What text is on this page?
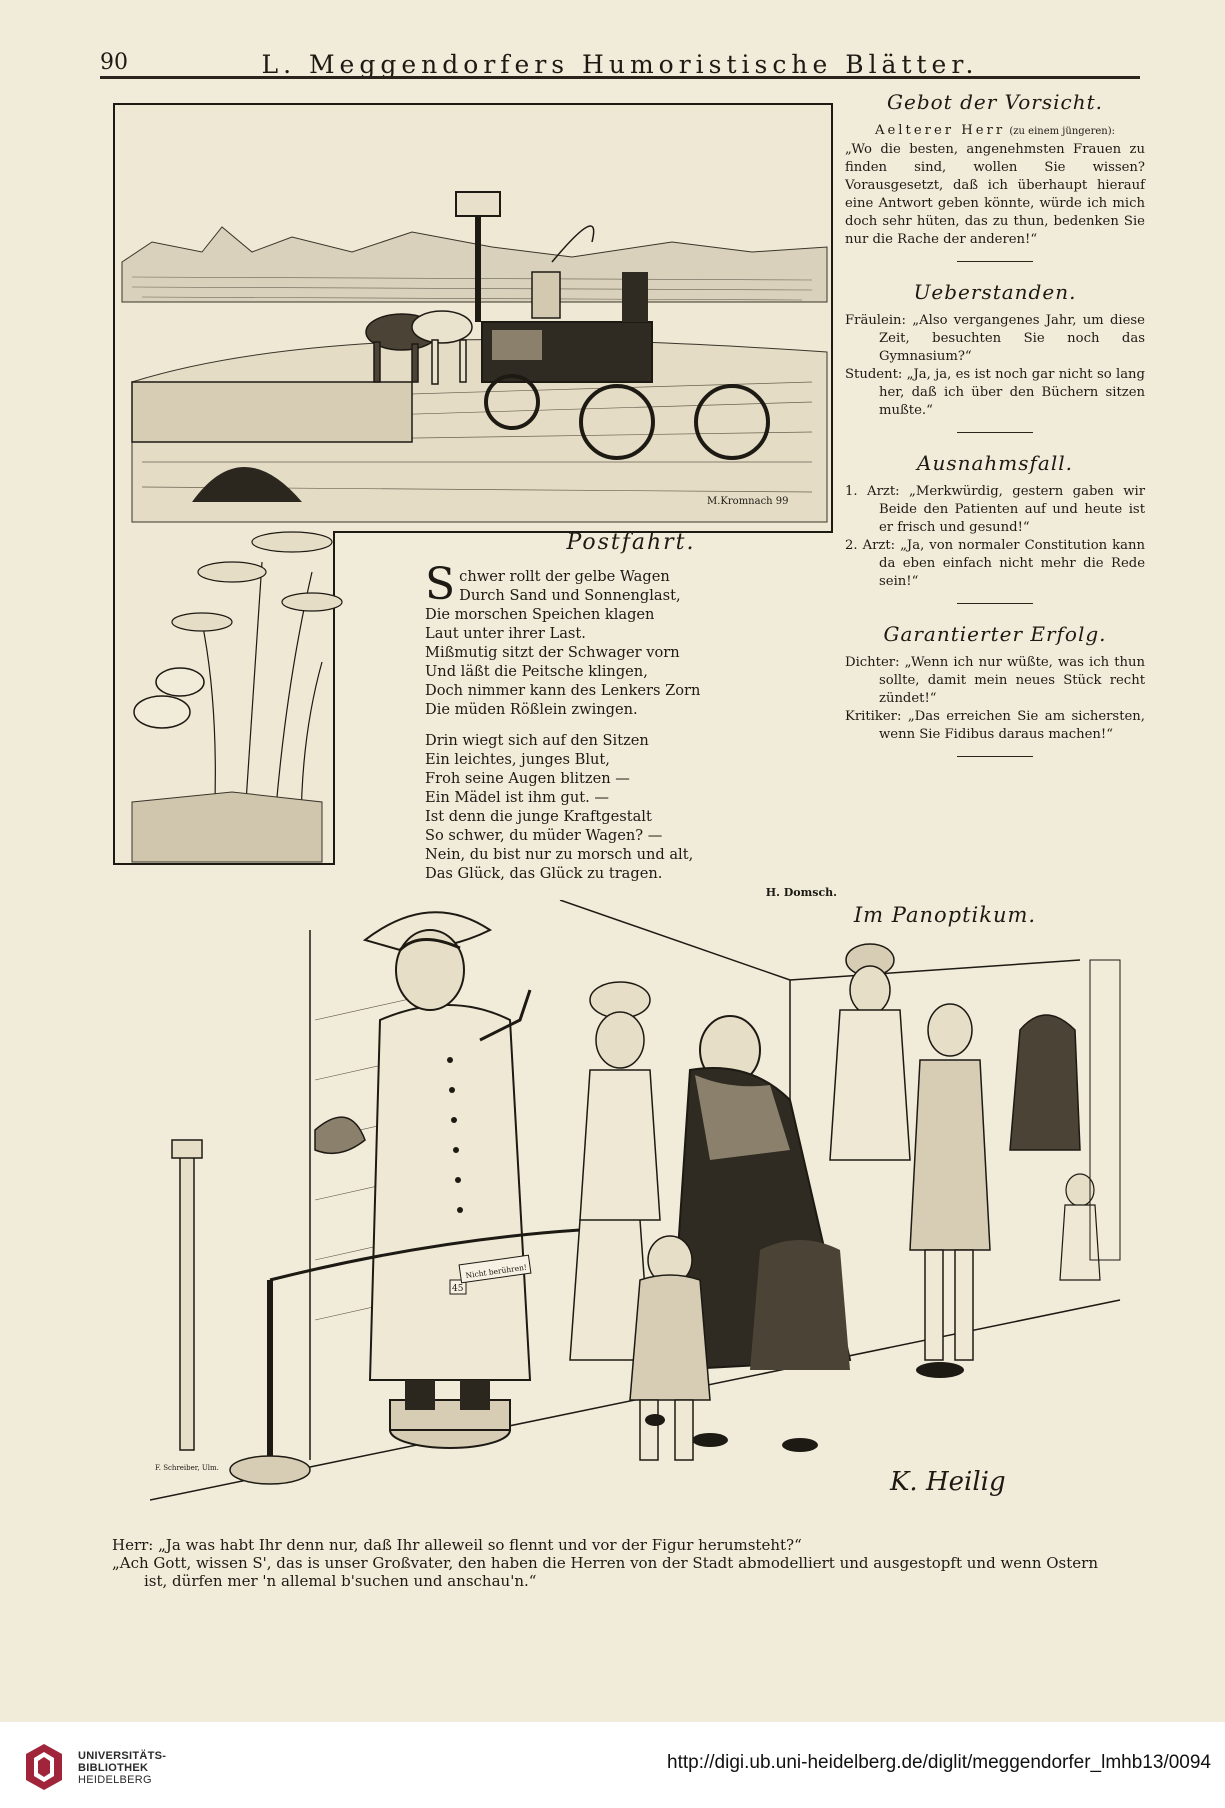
90	L. Meggendorfers Humoristische Blätter.
M.Kromnach 99
Postfahrt.
S chwer rollt der gelbe Wagen
Durch Sand und Sonnenglast,
Die morschen Speichen klagen
Laut unter ihrer Last.
Mißmutig sitzt der Schwager vorn
Und läßt die Peitsche klingen,
Doch nimmer kann des Lenkers Zorn
Die müden Rößlein zwingen.
Drin wiegt sich auf den Sitzen
Ein leichtes, junges Blut,
Froh seine Augen blitzen —
Ein Mädel ist ihm gut. —
Ist denn die junge Kraftgestalt
So schwer, du müder Wagen? —
Nein, du bist nur zu morsch und alt,
Das Glück, das Glück zu tragen.
H. Domsch.
Gebot der Vorsicht.

Aelterer Herr (zu einem jüngeren):

„Wo die besten, angenehmsten Frauen zu finden sind, wollen Sie wissen? Vorausgesetzt, daß ich überhaupt hierauf eine Antwort geben könnte, würde ich mich doch sehr hüten, das zu thun, bedenken Sie nur die Rache der anderen!“

Ueberstanden.

Fräulein: „Also vergangenes Jahr, um diese Zeit, besuchten Sie noch das Gymnasium?“

Student: „Ja, ja, es ist noch gar nicht so lang her, daß ich über den Büchern sitzen mußte.“

Ausnahmsfall.

1. Arzt: „Merkwürdig, gestern gaben wir Beide den Patienten auf und heute ist er frisch und gesund!“

2. Arzt: „Ja, von normaler Constitution kann da eben einfach nicht mehr die Rede sein!“

Garantierter Erfolg.

Dichter: „Wenn ich nur wüßte, was ich thun sollte, damit mein neues Stück recht zündet!“

Kritiker: „Das erreichen Sie am sichersten, wenn Sie Fidibus daraus machen!“

Im Panoptikum.
45
Nicht berühren!
K. Heilig
F. Schreiber, Ulm.

Herr: „Ja was habt Ihr denn nur, daß Ihr alleweil so flennt und vor der Figur herumsteht?“

„Ach Gott, wissen S', das is unser Großvater, den haben die Herren von der Stadt abmodelliert und ausgestopft und wenn Ostern

ist, dürfen mer 'n allemal b'suchen und anschau'n.“

UNIVERSITÄTS-
BIBLIOTHEK
HEIDELBERG
http://digi.ub.uni-heidelberg.de/diglit/meggendorfer_lmhb13/0094
